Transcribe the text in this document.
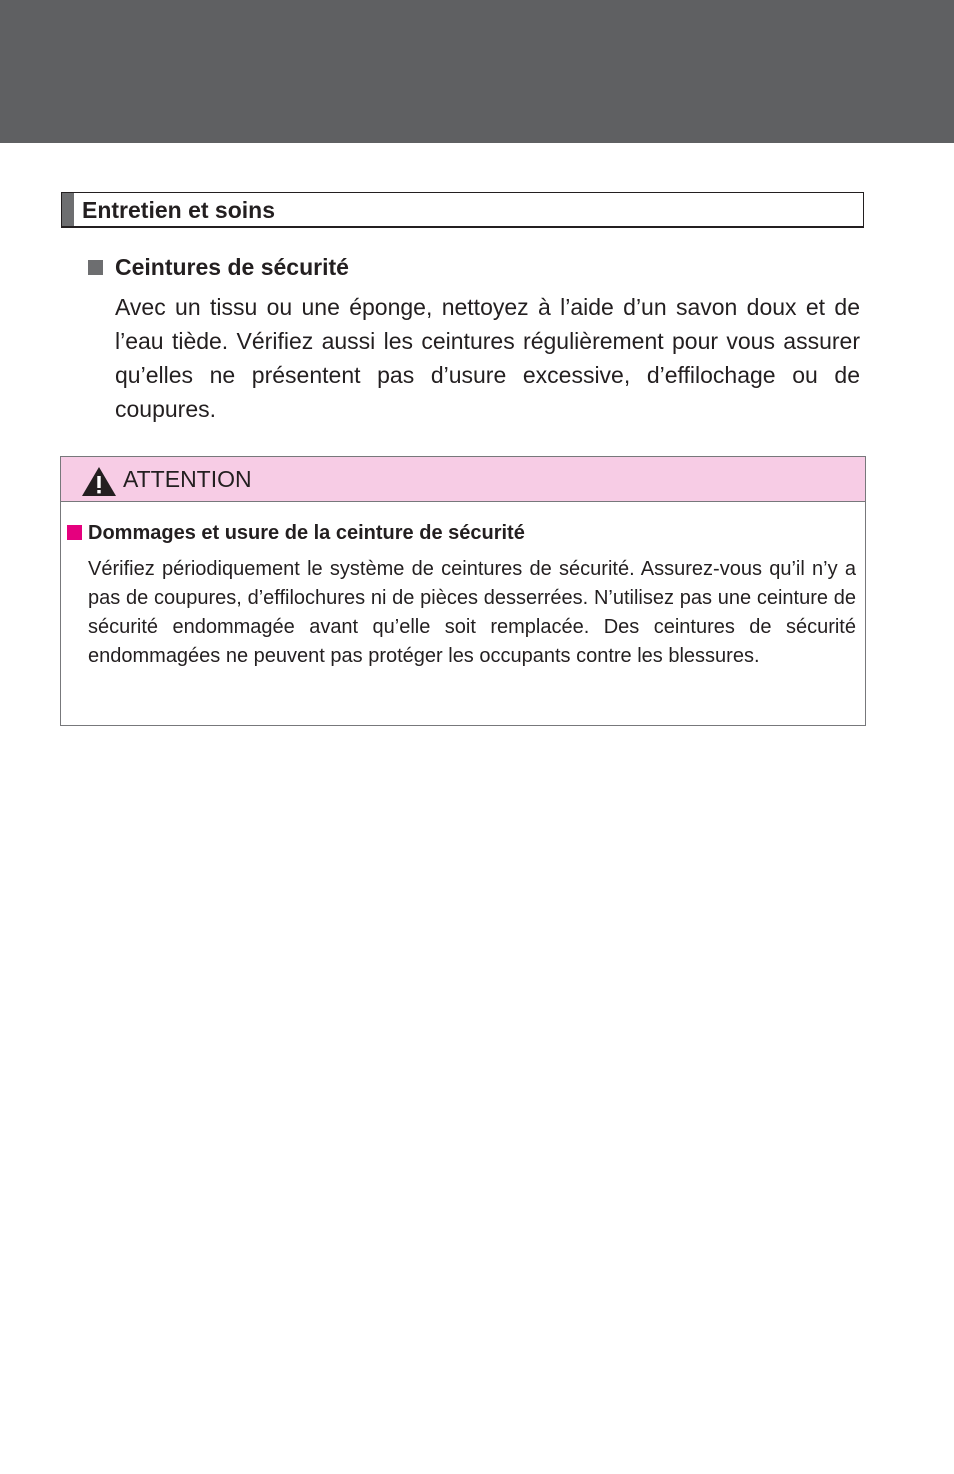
Entretien et soins
Ceintures de sécurité
Avec un tissu ou une éponge, nettoyez à l’aide d’un savon doux et de l’eau tiède. Vérifiez aussi les ceintures régulièrement pour vous assurer qu’elles ne présentent pas d’usure excessive, d’effilochage ou de coupures.
ATTENTION
Dommages et usure de la ceinture de sécurité
Vérifiez périodiquement le système de ceintures de sécurité. Assurez-vous qu’il n’y a pas de coupures, d’effilochures ni de pièces desserrées. N’utilisez pas une ceinture de sécurité endommagée avant qu’elle soit remplacée. Des ceintures de sécurité endommagées ne peuvent pas protéger les occupants contre les blessures.
